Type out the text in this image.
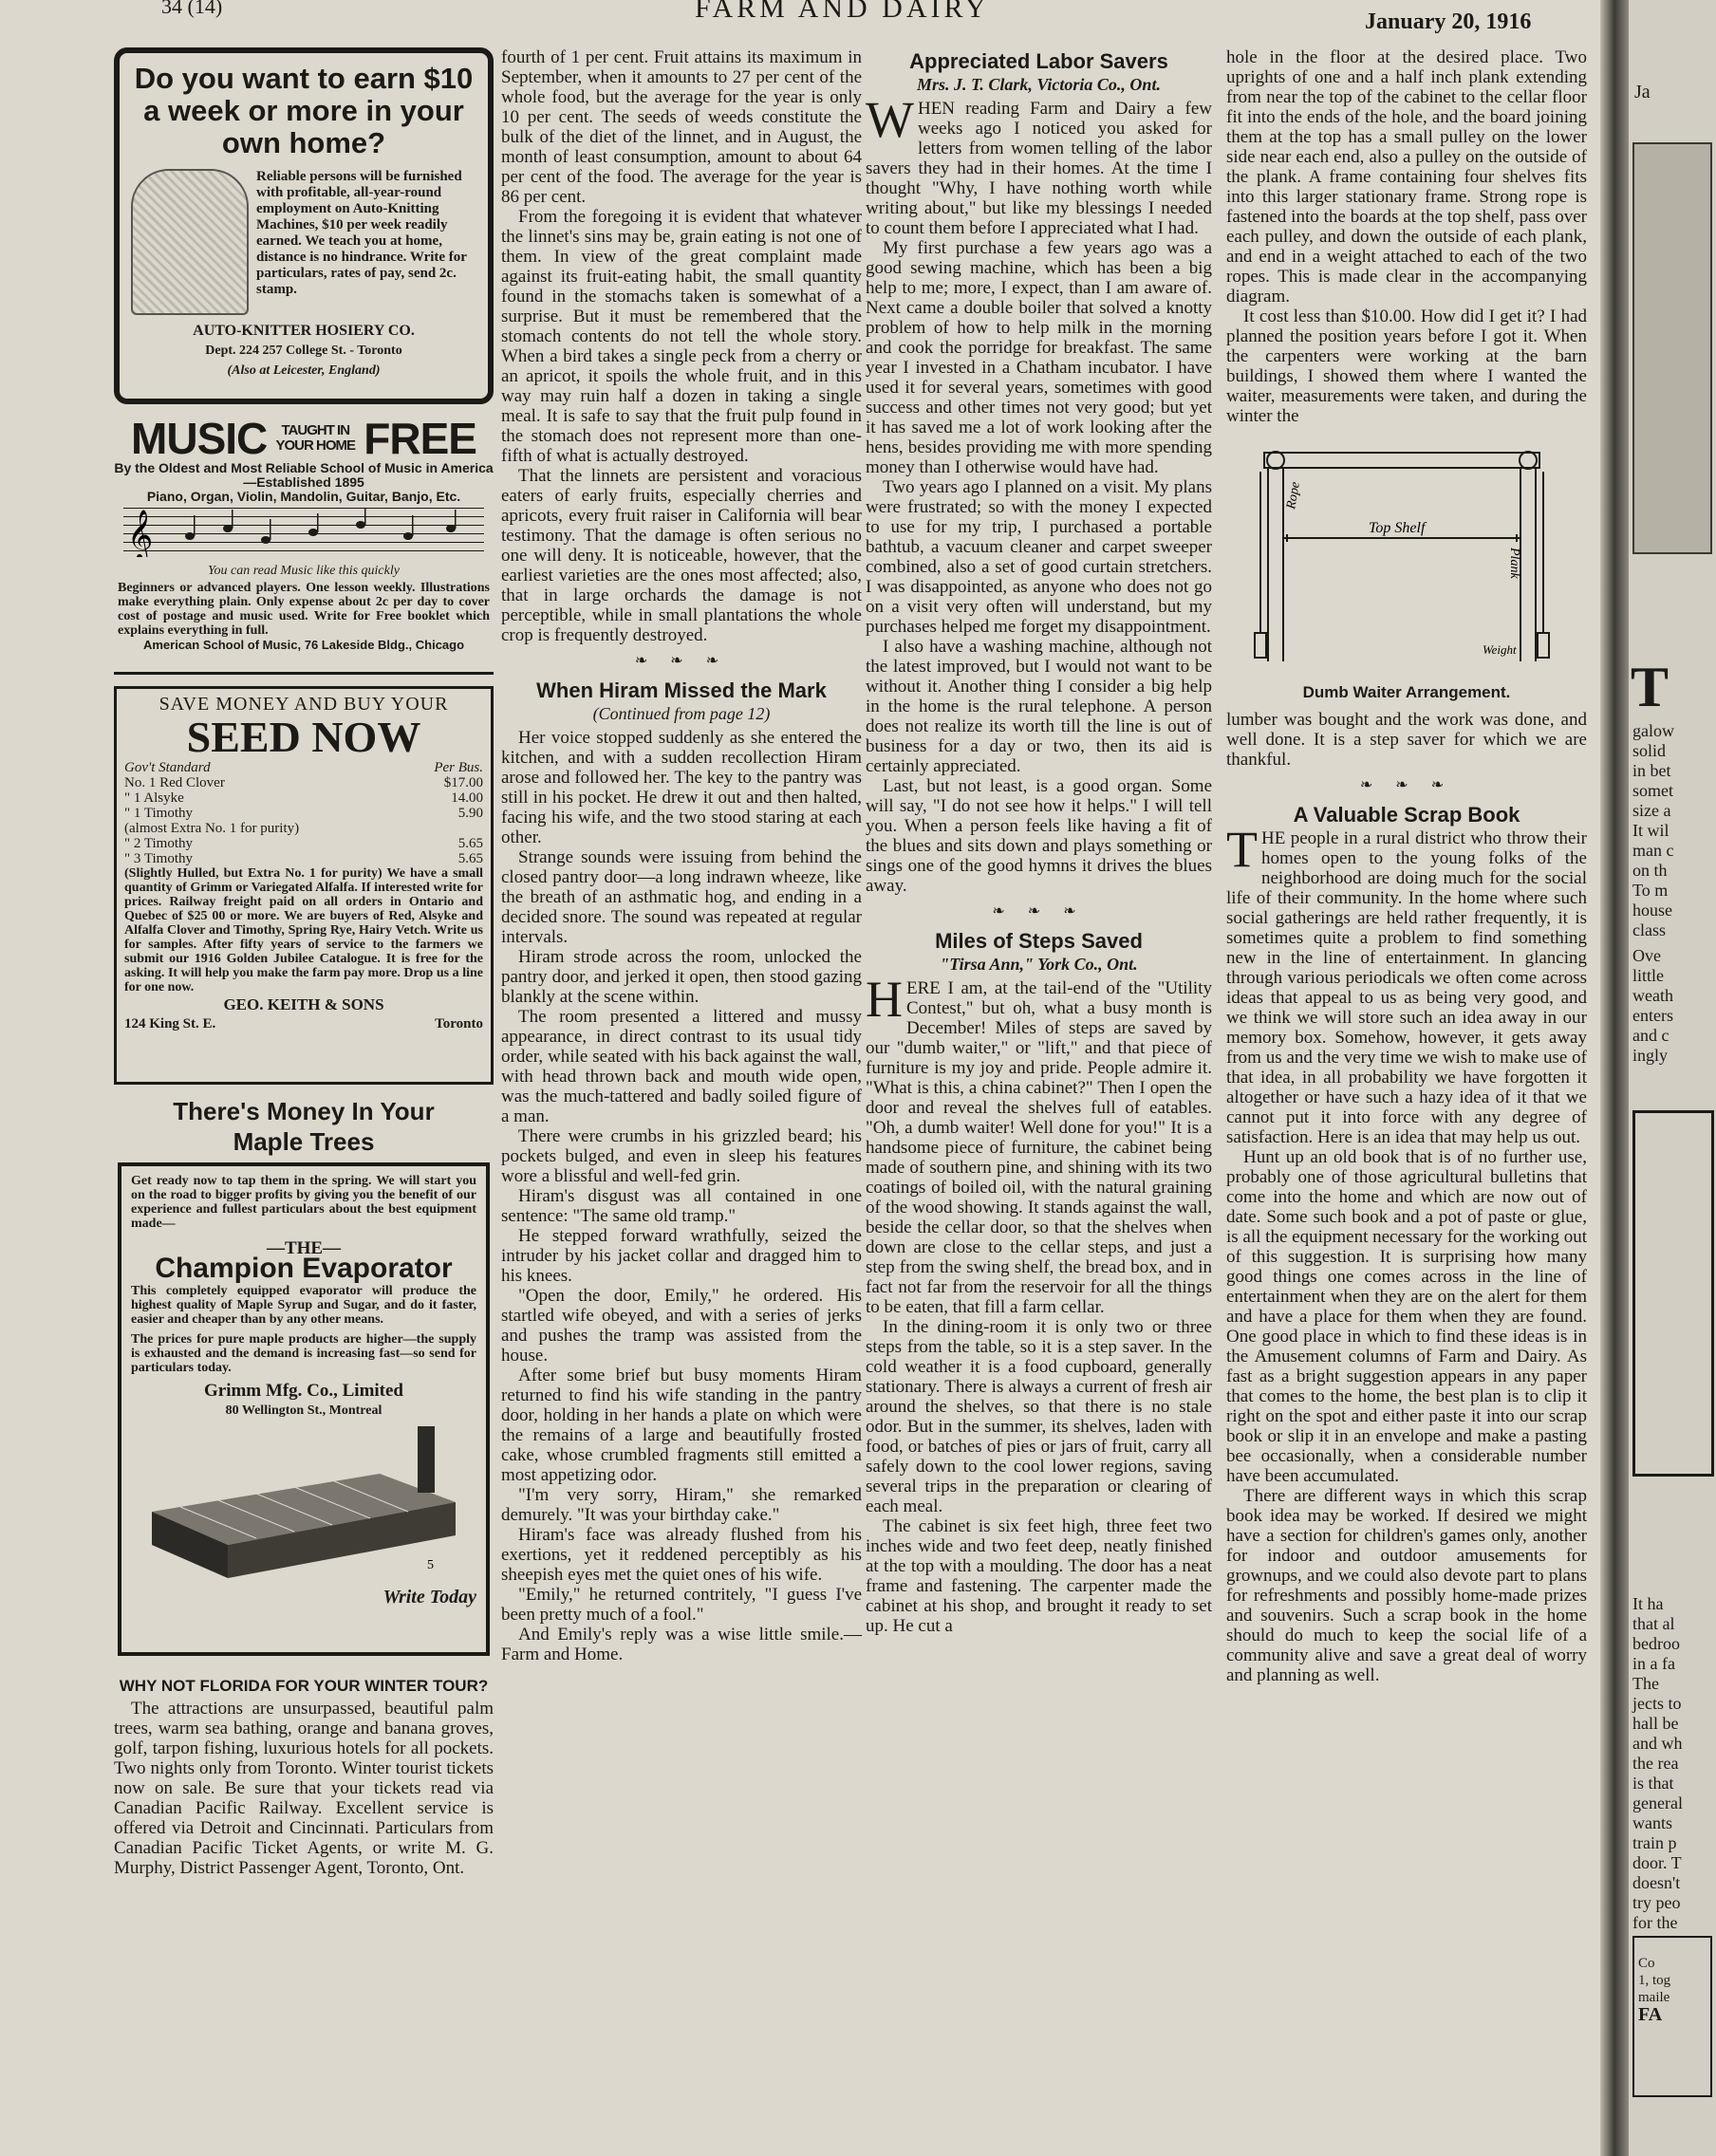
34 (14)	FARM AND DAIRY	January 20, 1916
Do you want to earn $10 a week or more in your own home?
Reliable persons will be furnished with profitable, all-year-round employment on Auto-Knitting Machines, $10 per week readily earned. We teach you at home, distance is no hindrance. Write for particulars, rates of pay, send 2c. stamp.
AUTO-KNITTER HOSIERY CO.
Dept. 224 257 College St. - Toronto
(Also at Leicester, England)
MUSIC	TAUGHT IN YOUR HOME FREE
By the Oldest and Most Reliable School of Music in America—Established 1895
Piano, Organ, Violin, Mandolin, Guitar, Banjo, Etc.
𝄞
You can read Music like this quickly
Beginners or advanced players. One lesson weekly. Illustrations make everything plain. Only expense about 2c per day to cover cost of postage and music used. Write for Free booklet which explains everything in full.
American School of Music, 76 Lakeside Bldg., Chicago
SAVE MONEY AND BUY YOUR
SEED NOW
Gov't Standard	Per Bus.
No. 1 Red Clover	$17.00
" 1 Alsyke	14.00
" 1 Timothy	5.90
(almost Extra No. 1 for purity)
" 2 Timothy	5.65
" 3 Timothy	5.65
(Slightly Hulled, but Extra No. 1 for purity) We have a small quantity of Grimm or Variegated Alfalfa. If interested write for prices. Railway freight paid on all orders in Ontario and Quebec of $25 00 or more. We are buyers of Red, Alsyke and Alfalfa Clover and Timothy, Spring Rye, Hairy Vetch. Write us for samples. After fifty years of service to the farmers we submit our 1916 Golden Jubilee Catalogue. It is free for the asking. It will help you make the farm pay more. Drop us a line for one now.
GEO. KEITH & SONS
124 King St. E.	Toronto
There's Money In Your
Maple Trees
Get ready now to tap them in the spring. We will start you on the road to bigger profits by giving you the benefit of our experience and fullest particulars about the best equipment made—
—THE—
Champion Evaporator
This completely equipped evaporator will produce the highest quality of Maple Syrup and Sugar, and do it faster, easier and cheaper than by any other means.
The prices for pure maple products are higher—the supply is exhausted and the demand is increasing fast—so send for particulars today.
Grimm Mfg. Co., Limited
80 Wellington St., Montreal
5
Write Today
WHY NOT FLORIDA FOR YOUR WINTER TOUR?

The attractions are unsurpassed, beautiful palm trees, warm sea bathing, orange and banana groves, golf, tarpon fishing, luxurious hotels for all pockets. Two nights only from Toronto. Winter tourist tickets now on sale. Be sure that your tickets read via Canadian Pacific Railway. Excellent service is offered via Detroit and Cincinnati. Particulars from Canadian Pacific Ticket Agents, or write M. G. Murphy, District Passenger Agent, Toronto, Ont.

fourth of 1 per cent. Fruit attains its maximum in September, when it amounts to 27 per cent of the whole food, but the average for the year is only 10 per cent. The seeds of weeds constitute the bulk of the diet of the linnet, and in August, the month of least consumption, amount to about 64 per cent of the food. The average for the year is 86 per cent.

From the foregoing it is evident that whatever the linnet's sins may be, grain eating is not one of them. In view of the great complaint made against its fruit-eating habit, the small quantity found in the stomachs taken is somewhat of a surprise. But it must be remembered that the stomach contents do not tell the whole story. When a bird takes a single peck from a cherry or an apricot, it spoils the whole fruit, and in this way may ruin half a dozen in taking a single meal. It is safe to say that the fruit pulp found in the stomach does not represent more than one-fifth of what is actually destroyed.

That the linnets are persistent and voracious eaters of early fruits, especially cherries and apricots, every fruit raiser in California will bear testimony. That the damage is often serious no one will deny. It is noticeable, however, that the earliest varieties are the ones most affected; also, that in large orchards the damage is not perceptible, while in small plantations the whole crop is frequently destroyed.

❧ ❧ ❧
When Hiram Missed the Mark
(Continued from page 12)

Her voice stopped suddenly as she entered the kitchen, and with a sudden recollection Hiram arose and followed her. The key to the pantry was still in his pocket. He drew it out and then halted, facing his wife, and the two stood staring at each other.

Strange sounds were issuing from behind the closed pantry door—a long indrawn wheeze, like the breath of an asthmatic hog, and ending in a decided snore. The sound was repeated at regular intervals.

Hiram strode across the room, unlocked the pantry door, and jerked it open, then stood gazing blankly at the scene within.

The room presented a littered and mussy appearance, in direct contrast to its usual tidy order, while seated with his back against the wall, with head thrown back and mouth wide open, was the much-tattered and badly soiled figure of a man.

There were crumbs in his grizzled beard; his pockets bulged, and even in sleep his features wore a blissful and well-fed grin.

Hiram's disgust was all contained in one sentence: "The same old tramp."

He stepped forward wrathfully, seized the intruder by his jacket collar and dragged him to his knees.

"Open the door, Emily," he ordered. His startled wife obeyed, and with a series of jerks and pushes the tramp was assisted from the house.

After some brief but busy moments Hiram returned to find his wife standing in the pantry door, holding in her hands a plate on which were the remains of a large and beautifully frosted cake, whose crumbled fragments still emitted a most appetizing odor.

"I'm very sorry, Hiram," she remarked demurely. "It was your birthday cake."

Hiram's face was already flushed from his exertions, yet it reddened perceptibly as his sheepish eyes met the quiet ones of his wife.

"Emily," he returned contritely, "I guess I've been pretty much of a fool."

And Emily's reply was a wise little smile.—Farm and Home.

Appreciated Labor Savers
Mrs. J. T. Clark, Victoria Co., Ont.

WHEN reading Farm and Dairy a few weeks ago I noticed you asked for letters from women telling of the labor savers they had in their homes. At the time I thought "Why, I have nothing worth while writing about," but like my blessings I needed to count them before I appreciated what I had.

My first purchase a few years ago was a good sewing machine, which has been a big help to me; more, I expect, than I am aware of. Next came a double boiler that solved a knotty problem of how to help milk in the morning and cook the porridge for breakfast. The same year I invested in a Chatham incubator. I have used it for several years, sometimes with good success and other times not very good; but yet it has saved me a lot of work looking after the hens, besides providing me with more spending money than I otherwise would have had.

Two years ago I planned on a visit. My plans were frustrated; so with the money I expected to use for my trip, I purchased a portable bathtub, a vacuum cleaner and carpet sweeper combined, also a set of good curtain stretchers. I was disappointed, as anyone who does not go on a visit very often will understand, but my purchases helped me forget my disappointment.

I also have a washing machine, although not the latest improved, but I would not want to be without it. Another thing I consider a big help in the home is the rural telephone. A person does not realize its worth till the line is out of business for a day or two, then its aid is certainly appreciated.

Last, but not least, is a good organ. Some will say, "I do not see how it helps." I will tell you. When a person feels like having a fit of the blues and sits down and plays something or sings one of the good hymns it drives the blues away.

❧ ❧ ❧
Miles of Steps Saved
"Tirsa Ann," York Co., Ont.

HERE I am, at the tail-end of the "Utility Contest," but oh, what a busy month is December! Miles of steps are saved by our "dumb waiter," or "lift," and that piece of furniture is my joy and pride. People admire it. "What is this, a china cabinet?" Then I open the door and reveal the shelves full of eatables. "Oh, a dumb waiter! Well done for you!" It is a handsome piece of furniture, the cabinet being made of southern pine, and shining with its two coatings of boiled oil, with the natural graining of the wood showing. It stands against the wall, beside the cellar door, so that the shelves when down are close to the cellar steps, and just a step from the swing shelf, the bread box, and in fact not far from the reservoir for all the things to be eaten, that fill a farm cellar.

In the dining-room it is only two or three steps from the table, so it is a step saver. In the cold weather it is a food cupboard, generally stationary. There is always a current of fresh air around the shelves, so that there is no stale odor. But in the summer, its shelves, laden with food, or batches of pies or jars of fruit, carry all safely down to the cool lower regions, saving several trips in the preparation or clearing of each meal.

The cabinet is six feet high, three feet two inches wide and two feet deep, neatly finished at the top with a moulding. The door has a neat frame and fastening. The carpenter made the cabinet at his shop, and brought it ready to set up. He cut a

hole in the floor at the desired place. Two uprights of one and a half inch plank extending from near the top of the cabinet to the cellar floor fit into the ends of the hole, and the board joining them at the top has a small pulley on the lower side near each end, also a pulley on the outside of the plank. A frame containing four shelves fits into this larger stationary frame. Strong rope is fastened into the boards at the top shelf, pass over each pulley, and down the outside of each plank, and end in a weight attached to each of the two ropes. This is made clear in the accompanying diagram.

It cost less than $10.00. How did I get it? I had planned the position years before I got it. When the carpenters were working at the barn buildings, I showed them where I wanted the waiter, measurements were taken, and during the winter the

Rope
Top Shelf
Plank
Weight
Dumb Waiter Arrangement.

lumber was bought and the work was done, and well done. It is a step saver for which we are thankful.

❧ ❧ ❧
A Valuable Scrap Book

THE people in a rural district who throw their homes open to the young folks of the neighborhood are doing much for the social life of their community. In the home where such social gatherings are held rather frequently, it is sometimes quite a problem to find something new in the line of entertainment. In glancing through various periodicals we often come across ideas that appeal to us as being very good, and we think we will store such an idea away in our memory box. Somehow, however, it gets away from us and the very time we wish to make use of that idea, in all probability we have forgotten it altogether or have such a hazy idea of it that we cannot put it into force with any degree of satisfaction. Here is an idea that may help us out.

Hunt up an old book that is of no further use, probably one of those agricultural bulletins that come into the home and which are now out of date. Some such book and a pot of paste or glue, is all the equipment necessary for the working out of this suggestion. It is surprising how many good things one comes across in the line of entertainment when they are on the alert for them and have a place for them when they are found. One good place in which to find these ideas is in the Amusement columns of Farm and Dairy. As fast as a bright suggestion appears in any paper that comes to the home, the best plan is to clip it right on the spot and either paste it into our scrap book or slip it in an envelope and make a pasting bee occasionally, when a considerable number have been accumulated.

There are different ways in which this scrap book idea may be worked. If desired we might have a section for children's games only, another for indoor and outdoor amusements for grownups, and we could also devote part to plans for refreshments and possibly home-made prizes and souvenirs. Such a scrap book in the home should do much to keep the social life of a community alive and save a great deal of worry and planning as well.

Ja
T
galow
solid
in bet
somet
size a
It wil
man c
on th
To m
house
class
Ove
little
weath
enters
and c
ingly
It ha
that al
bedroo
in a fa
The
jects to
hall be
and wh
the rea
is that
general
wants
train p
door. T
doesn't
try peo
for the
Co
1, tog
maile
FA
